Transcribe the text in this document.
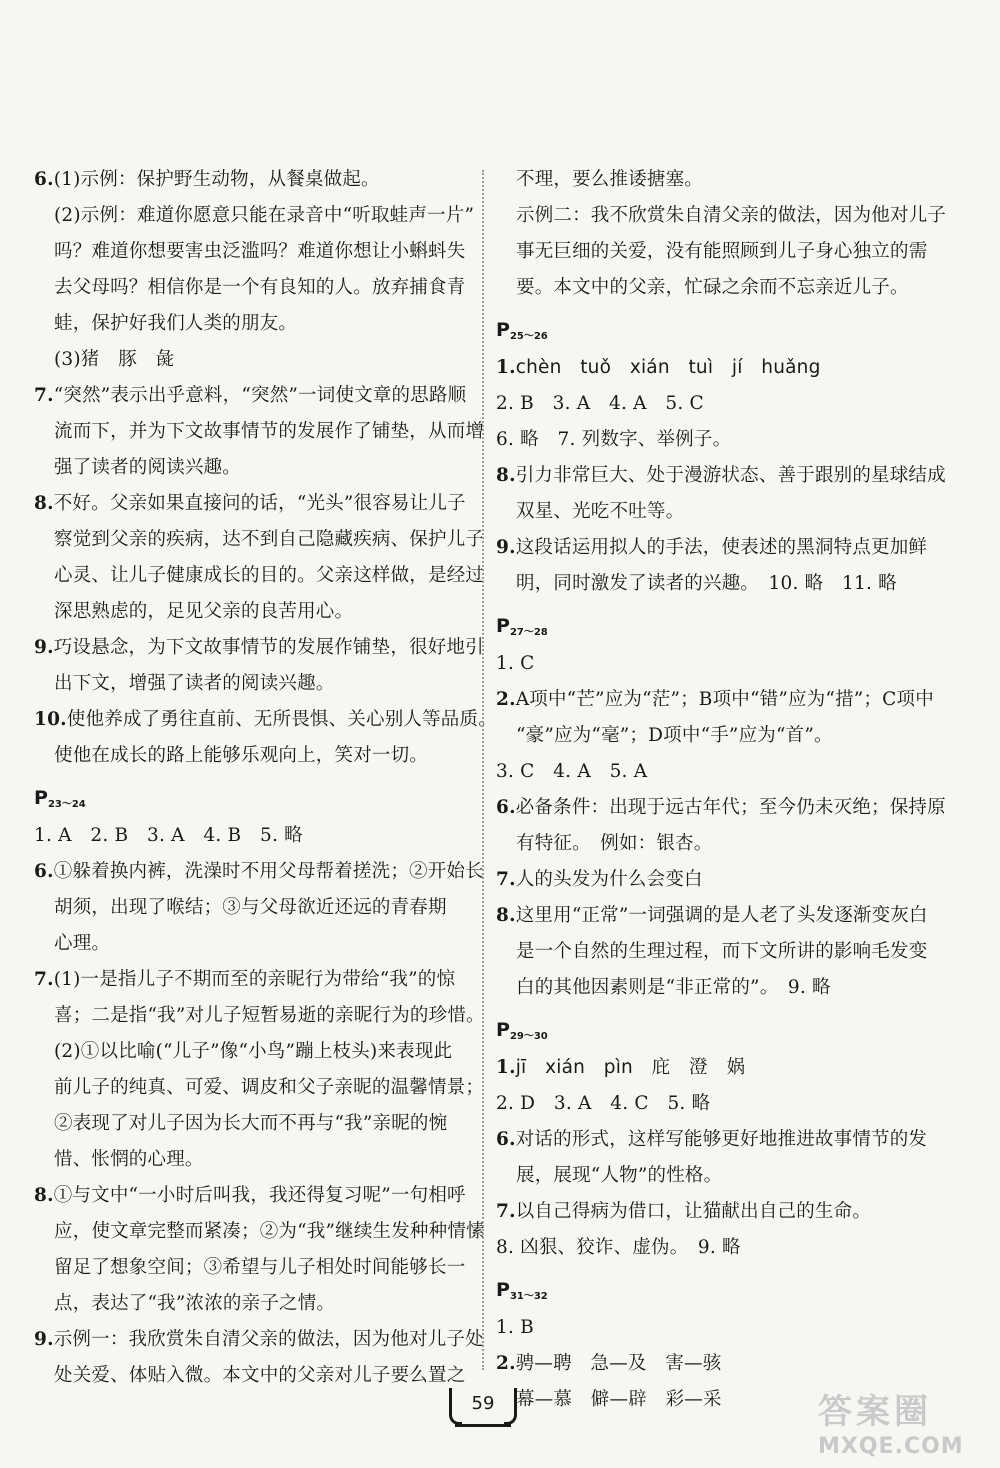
6.(1)示例：保护野生动物，从餐桌做起。
(2)示例：难道你愿意只能在录音中“听取蛙声一片”
吗？难道你想要害虫泛滥吗？难道你想让小蝌蚪失
去父母吗？相信你是一个有良知的人。放弃捕食青
蛙，保护好我们人类的朋友。
(3)猪　豚　彘
7.“突然”表示出乎意料，“突然”一词使文章的思路顺
流而下，并为下文故事情节的发展作了铺垫，从而增
强了读者的阅读兴趣。
8.不好。父亲如果直接问的话，“光头”很容易让儿子
察觉到父亲的疾病，达不到自己隐藏疾病、保护儿子
心灵、让儿子健康成长的目的。父亲这样做，是经过
深思熟虑的，足见父亲的良苦用心。
9.巧设悬念，为下文故事情节的发展作铺垫，很好地引
出下文，增强了读者的阅读兴趣。
10.使他养成了勇往直前、无所畏惧、关心别人等品质。
使他在成长的路上能够乐观向上，笑对一切。
$P_{23\sim 24}$
1. A　2. B　3. A　4. B　5. 略
6.①躲着换内裤，洗澡时不用父母帮着搓洗；②开始长
胡须，出现了喉结；③与父母欲近还远的青春期
心理。
7.(1)一是指儿子不期而至的亲昵行为带给“我”的惊
喜；二是指“我”对儿子短暂易逝的亲昵行为的珍惜。
(2)①以比喻(“儿子”像“小鸟”蹦上枝头)来表现此
前儿子的纯真、可爱、调皮和父子亲昵的温馨情景；
②表现了对儿子因为长大而不再与“我”亲昵的惋
惜、怅惘的心理。
8.①与文中“一小时后叫我，我还得复习呢”一句相呼
应，使文章完整而紧凑；②为“我”继续生发种种情愫
留足了想象空间；③希望与儿子相处时间能够长一
点，表达了“我”浓浓的亲子之情。
9.示例一：我欣赏朱自清父亲的做法，因为他对儿子处
处关爱、体贴入微。本文中的父亲对儿子要么置之
不理，要么推诿搪塞。
示例二：我不欣赏朱自清父亲的做法，因为他对儿子
事无巨细的关爱，没有能照顾到儿子身心独立的需
要。本文中的父亲，忙碌之余而不忘亲近儿子。
$P_{25\sim 26}$
1.chèn　tuǒ　xián　tuì　jí　huǎng
2. B　3. A　4. A　5. C
6. 略　7. 列数字、举例子。
8.引力非常巨大、处于漫游状态、善于跟别的星球结成
双星、光吃不吐等。
9.这段话运用拟人的手法，使表述的黑洞特点更加鲜
明，同时激发了读者的兴趣。　10. 略　11. 略
$P_{27\sim 28}$
1. C
2.A项中“芒”应为“茫”；B项中“错”应为“措”；C项中
“豪”应为“毫”；D项中“手”应为“首”。
3. C　4. A　5. A
6.必备条件：出现于远古年代；至今仍未灭绝；保持原
有特征。　例如：银杏。
7.人的头发为什么会变白
8.这里用“正常”一词强调的是人老了头发逐渐变灰白
是一个自然的生理过程，而下文所讲的影响毛发变
白的其他因素则是“非正常的”。　9. 略
$P_{29\sim 30}$
1.jī　xián　pìn　庇　澄　娲
2. D　3. A　4. C　5. 略
6.对话的形式，这样写能够更好地推进故事情节的发
展，展现“人物”的性格。
7.以自己得病为借口，让猫献出自己的生命。
8. 凶狠、狡诈、虚伪。　9. 略
$P_{31\sim 32}$
1. B
2.骋—聘　急—及　害—骇
幕—慕　僻—辟　彩—采
59	答案圈
MXQE.COM
